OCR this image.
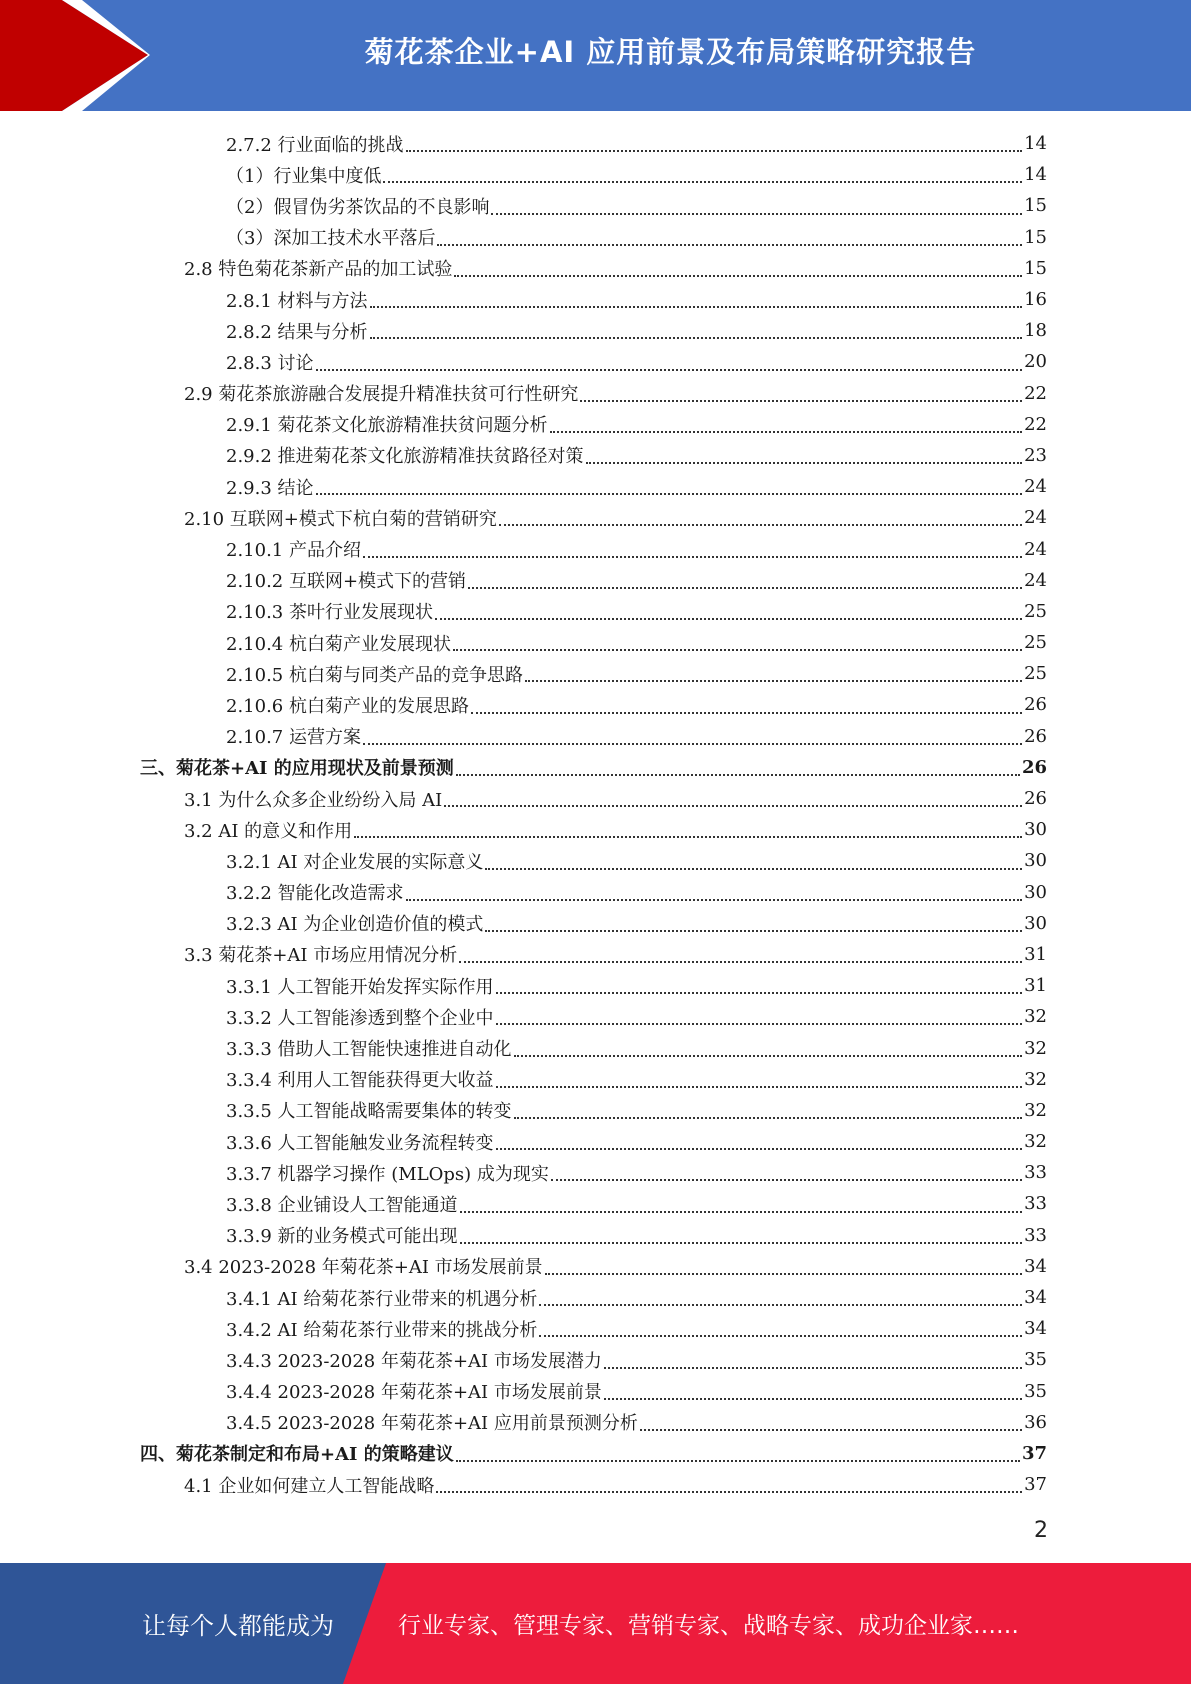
菊花茶企业+AI 应用前景及布局策略研究报告
2.7.2 行业面临的挑战	14
（1）行业集中度低	14
（2）假冒伪劣茶饮品的不良影响	15
（3）深加工技术水平落后	15
2.8 特色菊花茶新产品的加工试验	15
2.8.1 材料与方法	16
2.8.2 结果与分析	18
2.8.3 讨论	20
2.9 菊花茶旅游融合发展提升精准扶贫可行性研究	22
2.9.1 菊花茶文化旅游精准扶贫问题分析	22
2.9.2 推进菊花茶文化旅游精准扶贫路径对策	23
2.9.3 结论	24
2.10 互联网+模式下杭白菊的营销研究	24
2.10.1 产品介绍	24
2.10.2 互联网+模式下的营销	24
2.10.3 茶叶行业发展现状	25
2.10.4 杭白菊产业发展现状	25
2.10.5 杭白菊与同类产品的竞争思路	25
2.10.6 杭白菊产业的发展思路	26
2.10.7 运营方案	26
三、菊花茶+AI 的应用现状及前景预测	26
3.1 为什么众多企业纷纷入局 AI	26
3.2 AI 的意义和作用	30
3.2.1 AI 对企业发展的实际意义	30
3.2.2 智能化改造需求	30
3.2.3 AI 为企业创造价值的模式	30
3.3 菊花茶+AI 市场应用情况分析	31
3.3.1 人工智能开始发挥实际作用	31
3.3.2 人工智能渗透到整个企业中	32
3.3.3 借助人工智能快速推进自动化	32
3.3.4 利用人工智能获得更大收益	32
3.3.5 人工智能战略需要集体的转变	32
3.3.6 人工智能触发业务流程转变	32
3.3.7 机器学习操作 (MLOps) 成为现实	33
3.3.8 企业铺设人工智能通道	33
3.3.9 新的业务模式可能出现	33
3.4 2023-2028 年菊花茶+AI 市场发展前景	34
3.4.1 AI 给菊花茶行业带来的机遇分析	34
3.4.2 AI 给菊花茶行业带来的挑战分析	34
3.4.3 2023-2028 年菊花茶+AI 市场发展潜力	35
3.4.4 2023-2028 年菊花茶+AI 市场发展前景	35
3.4.5 2023-2028 年菊花茶+AI 应用前景预测分析	36
四、菊花茶制定和布局+AI 的策略建议	37
4.1 企业如何建立人工智能战略	37
2
让每个人都能成为	行业专家、管理专家、营销专家、战略专家、成功企业家……
